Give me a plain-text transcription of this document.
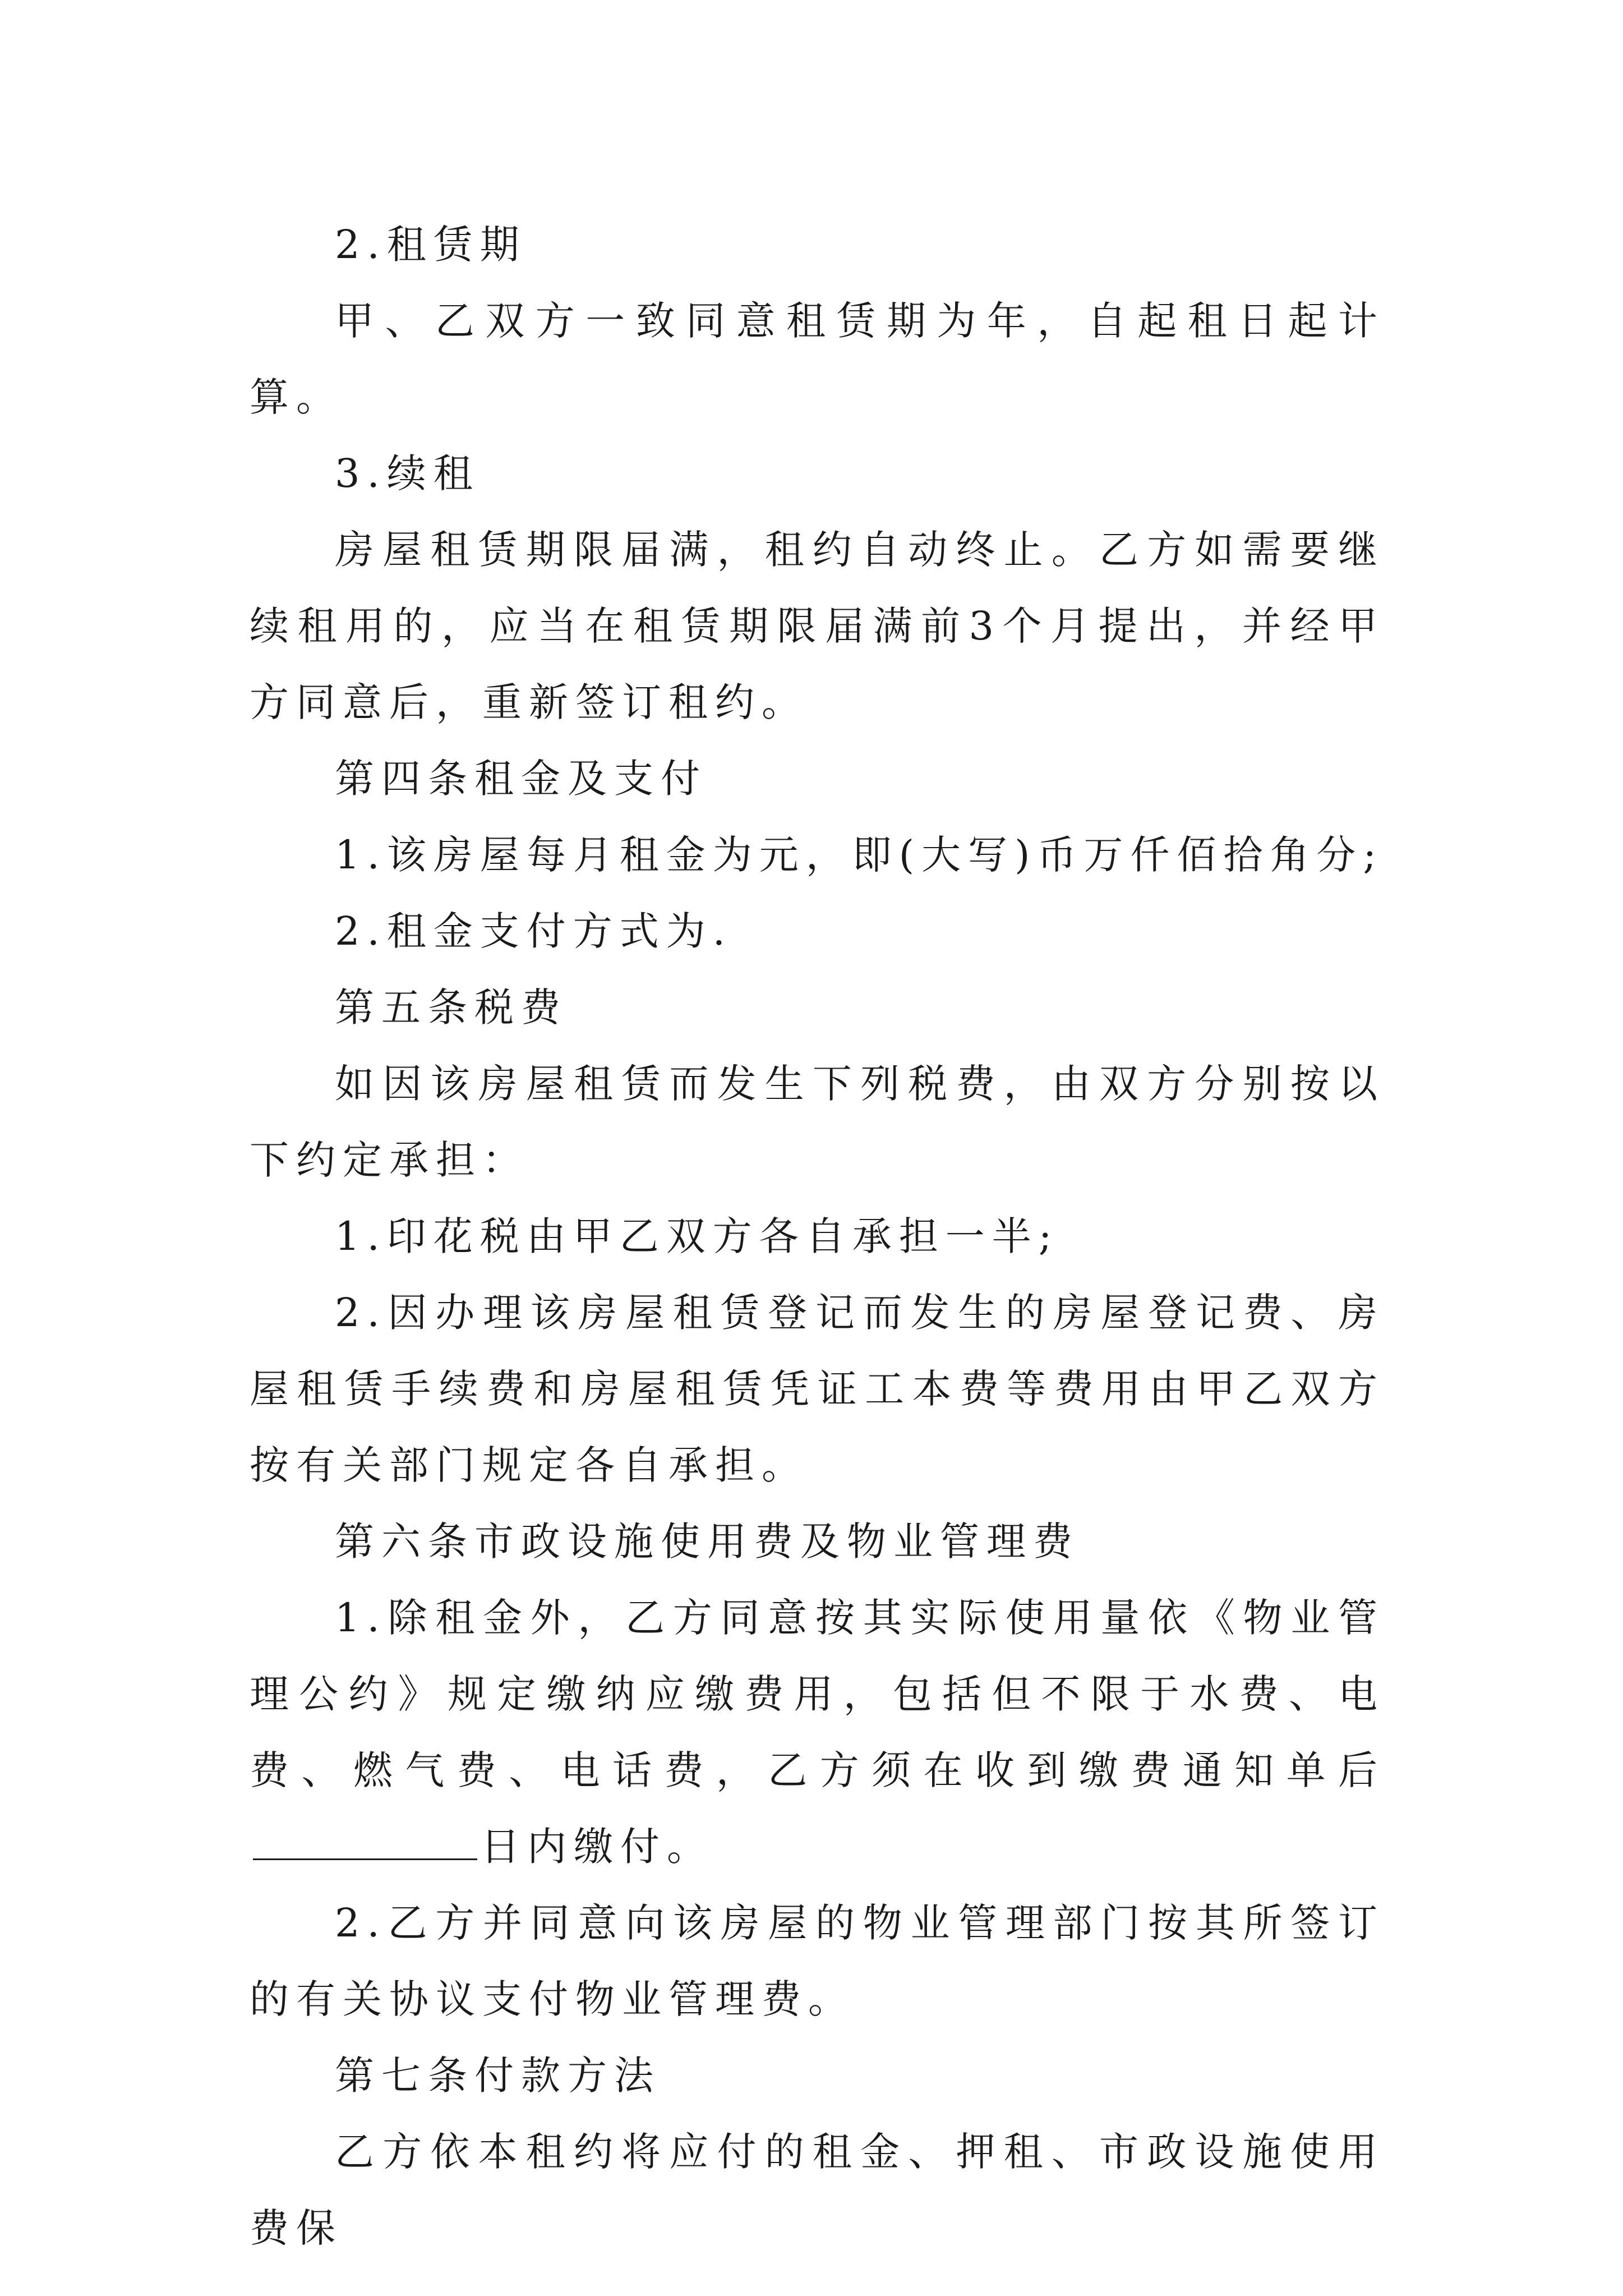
2.租赁期

甲、乙双方一致同意租赁期为年，自起租日起计算。

3.续租

房屋租赁期限届满，租约自动终止。乙方如需要继续租用的，应当在租赁期限届满前3个月提出，并经甲方同意后，重新签订租约。

第四条租金及支付

1.该房屋每月租金为元，即(大写)币万仟佰拾角分;

2.租金支付方式为.

第五条税费

如因该房屋租赁而发生下列税费，由双方分别按以下约定承担：

1.印花税由甲乙双方各自承担一半;

2.因办理该房屋租赁登记而发生的房屋登记费、房屋租赁手续费和房屋租赁凭证工本费等费用由甲乙双方按有关部门规定各自承担。

第六条市政设施使用费及物业管理费

1.除租金外，乙方同意按其实际使用量依《物业管理公约》规定缴纳应缴费用，包括但不限于水费、电费、燃气费、电话费，乙方须在收到缴费通知单后日内缴付。

2.乙方并同意向该房屋的物业管理部门按其所签订的有关协议支付物业管理费。

第七条付款方法

乙方依本租约将应付的租金、押租、市政设施使用费保
